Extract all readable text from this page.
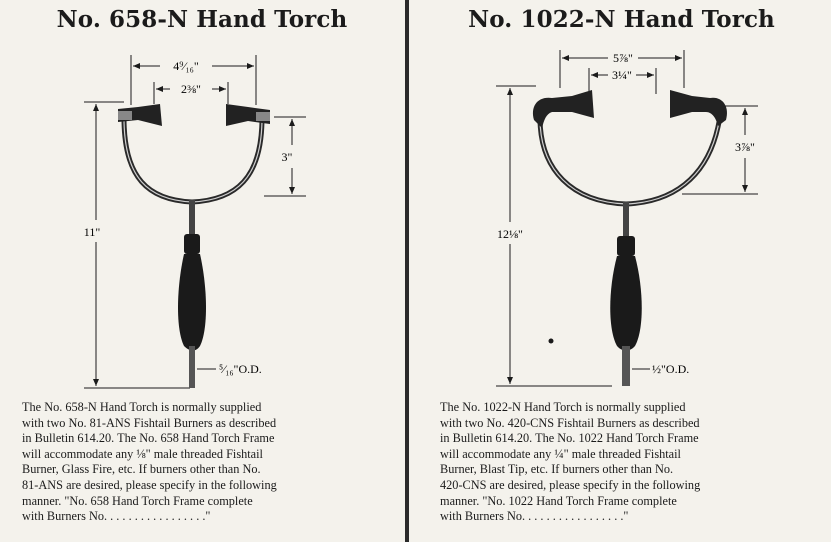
No. 658-N Hand Torch
4⁹⁄₁₆"
2⅜"
3"
11"
⁵⁄₁₆"O.D.

The No. 658-N Hand Torch is normally supplied
with two No. 81-ANS Fishtail Burners as described
in Bulletin 614.20. The No. 658 Hand Torch Frame
will accommodate any ⅛" male threaded Fishtail
Burner, Glass Fire, etc. If burners other than No.
81-ANS are desired, please specify in the following
manner. "No. 658 Hand Torch Frame complete
with Burners No. . . . . . . . . . . . . . . . ."

No. 1022-N Hand Torch
5⅞"
3¼"
3⅞"
12⅛"
½"O.D.

The No. 1022-N Hand Torch is normally supplied
with two No. 420-CNS Fishtail Burners as described
in Bulletin 614.20. The No. 1022 Hand Torch Frame
will accommodate any ¼" male threaded Fishtail
Burner, Blast Tip, etc. If burners other than No.
420-CNS are desired, please specify in the following
manner. "No. 1022 Hand Torch Frame complete
with Burners No. . . . . . . . . . . . . . . . ."
